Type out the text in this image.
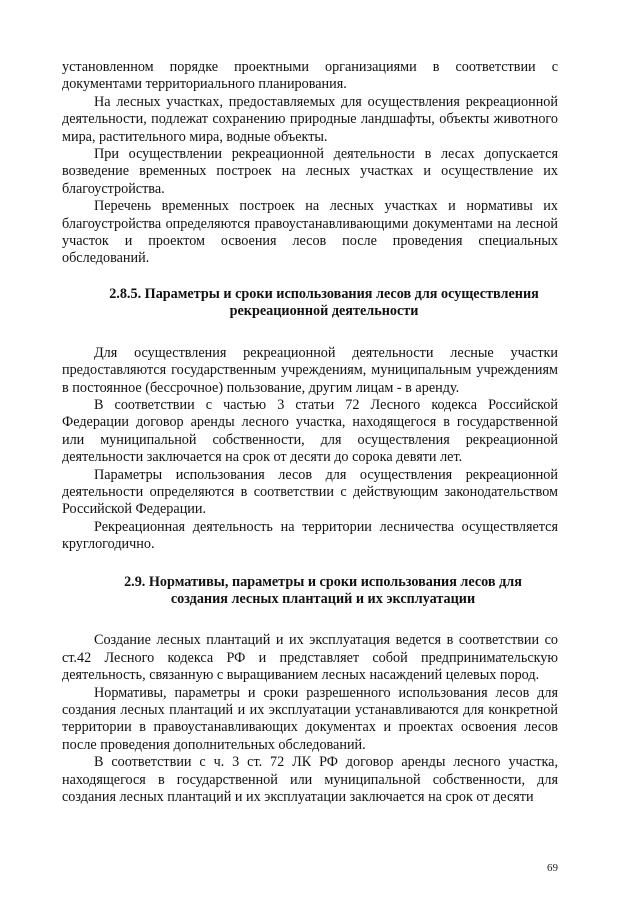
установленном порядке проектными организациями в соответствии с документами территориального планирования.

На лесных участках, предоставляемых для осуществления рекреационной деятельности, подлежат сохранению природные ландшафты, объекты животного мира, растительного мира, водные объекты.

При осуществлении рекреационной деятельности в лесах допускается возведение временных построек на лесных участках и осуществление их благоустройства.

Перечень временных построек на лесных участках и нормативы их благоустройства определяются правоустанавливающими документами на лесной участок и проектом освоения лесов после проведения специальных обследований.

2.8.5. Параметры и сроки использования лесов для осуществления
рекреационной деятельности

Для осуществления рекреационной деятельности лесные участки предоставляются государственным учреждениям, муниципальным учреждениям в постоянное (бессрочное) пользование, другим лицам - в аренду.

В соответствии с частью 3 статьи 72 Лесного кодекса Российской Федерации договор аренды лесного участка, находящегося в государственной или муниципальной собственности, для осуществления рекреационной деятельности заключается на срок от десяти до сорока девяти лет.

Параметры использования лесов для осуществления рекреационной деятельности определяются в соответствии с действующим законодательством Российской Федерации.

Рекреационная деятельность на территории лесничества осуществляется круглогодично.

2.9. Нормативы, параметры и сроки использования лесов для
создания лесных плантаций и их эксплуатации

Создание лесных плантаций и их эксплуатация ведется в соответствии со ст.42 Лесного кодекса РФ и представляет собой предпринимательскую деятельность, связанную с выращиванием лесных насаждений целевых пород.

Нормативы, параметры и сроки разрешенного использования лесов для создания лесных плантаций и их эксплуатации устанавливаются для конкретной территории в правоустанавливающих документах и проектах освоения лесов после проведения дополнительных обследований.

В соответствии с ч. 3 ст. 72 ЛК РФ договор аренды лесного участка, находящегося в государственной или муниципальной собственности, для создания лесных плантаций и их эксплуатации заключается на срок от десяти

69
